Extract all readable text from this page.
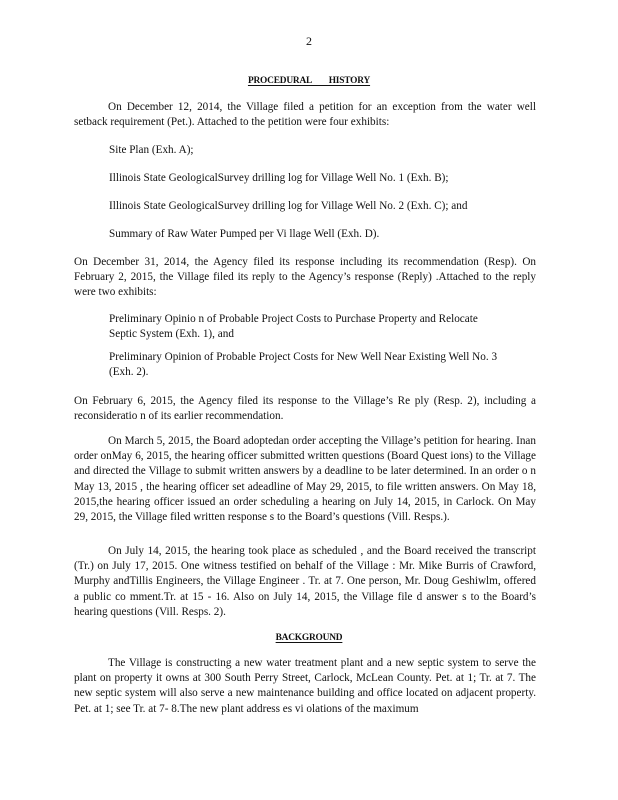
2
PROCEDURAL        HISTORY
On December 12, 2014, the Village filed a petition for an exception from the water well setback requirement (Pet.). Attached to the petition were four exhibits:
Site Plan (Exh. A);
Illinois State GeologicalSurvey drilling log for Village Well No. 1 (Exh. B);
Illinois State GeologicalSurvey drilling log for Village Well No. 2 (Exh. C); and
Summary of Raw Water Pumped per Vi llage Well (Exh. D).
On December 31, 2014, the Agency filed its response including its recommendation (Resp). On February 2, 2015, the Village filed its reply to the Agency’s response (Reply) .Attached to the reply were two exhibits:
Preliminary Opinio n of Probable Project Costs to Purchase Property and Relocate Septic System (Exh. 1), and
Preliminary Opinion of Probable Project Costs for New Well Near Existing Well No. 3 (Exh. 2).
On February 6, 2015, the Agency filed its response to the Village’s Re ply (Resp. 2), including a reconsideratio n of its earlier recommendation.
On March 5, 2015, the Board adoptedan order accepting the Village’s petition for hearing. Inan order onMay 6, 2015, the hearing officer submitted written questions (Board Quest ions) to the Village and directed the Village to submit written answers by a deadline to be later determined. In an order o n May 13, 2015 , the hearing officer set adeadline of May 29, 2015, to file written answers. On May 18, 2015,the hearing officer issued an order scheduling a hearing on July 14, 2015, in Carlock. On May 29, 2015, the Village filed written response s to the Board’s questions (Vill. Resps.).
On July 14, 2015, the hearing took place as scheduled , and the Board received the transcript (Tr.) on July 17, 2015. One witness testified on behalf of the Village : Mr. Mike Burris of Crawford, Murphy andTillis Engineers, the Village Engineer . Tr. at 7. One person, Mr. Doug Geshiwlm, offered a public co mment.Tr. at 15 - 16. Also on July 14, 2015, the Village file d answer s to the Board’s hearing questions (Vill. Resps. 2).
BACKGROUND
The Village is constructing a new water treatment plant and a new septic system to serve the plant on property it owns at 300 South Perry Street, Carlock, McLean County. Pet. at 1; Tr. at 7. The new septic system will also serve a new maintenance building and office located on adjacent property. Pet. at 1; see Tr. at 7- 8.The new plant address es vi olations of the maximum
